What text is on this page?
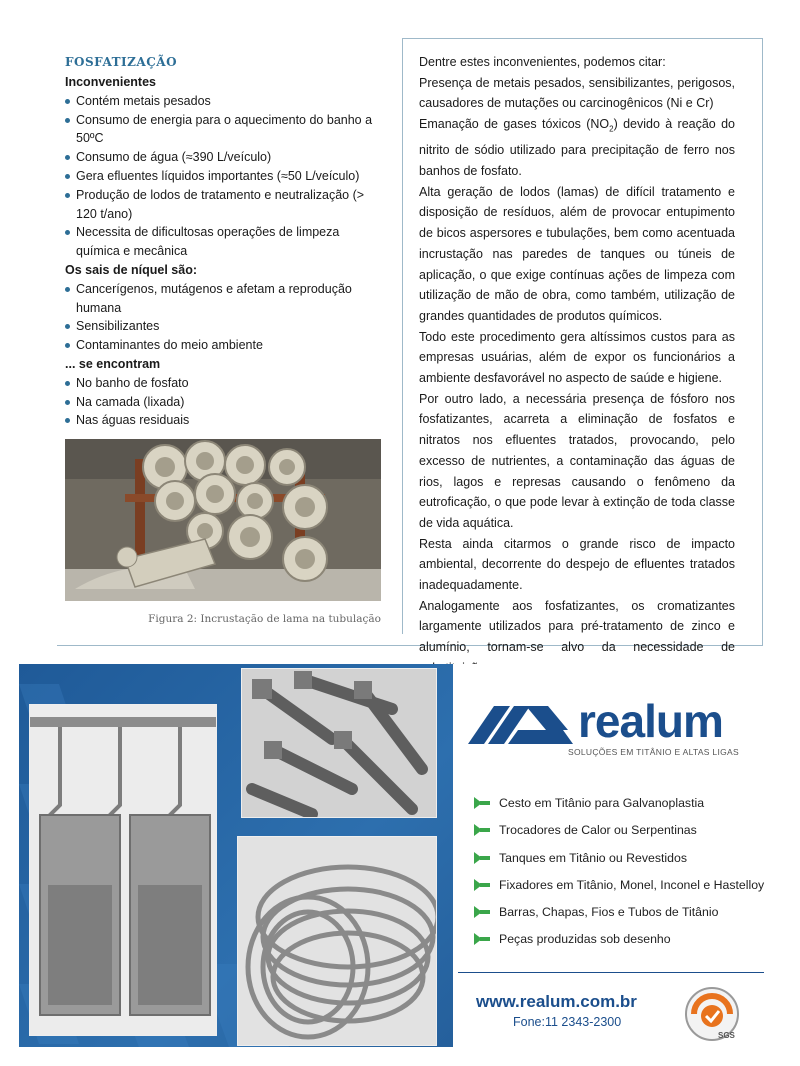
FOSFATIZAÇÃO
Inconvenientes
Contém metais pesados
Consumo de energia para o aquecimento do banho a 50ºC
Consumo de água (≈390 L/veículo)
Gera efluentes líquidos importantes (≈50 L/veículo)
Produção de lodos de tratamento e neutralização (> 120 t/ano)
Necessita de dificultosas operações de limpeza química e mecânica
Os sais de níquel são:
Cancerígenos, mutágenos e afetam a reprodução humana
Sensibilizantes
Contaminantes do meio ambiente
... se encontram
No banho de fosfato
Na camada (lixada)
Nas águas residuais
Figura 2: Incrustação de lama na tubulação

Dentre estes inconvenientes, podemos citar:

Presença de metais pesados, sensibilizantes, perigosos, causadores de mutações ou carcinogênicos (Ni e Cr)

Emanação de gases tóxicos $(NO_2)$ devido à reação do nitrito de sódio utilizado para precipitação de ferro nos banhos de fosfato.

Alta geração de lodos (lamas) de difícil tratamento e disposição de resíduos, além de provocar entupimento de bicos aspersores e tubulações, bem como acentuada incrustação nas paredes de tanques ou túneis de aplicação, o que exige contínuas ações de limpeza com utilização de mão de obra, como também, utilização de grandes quantidades de produtos químicos.

Todo este procedimento gera altíssimos custos para as empresas usuárias, além de expor os funcionários a ambiente desfavorável no aspecto de saúde e higiene.

Por outro lado, a necessária presença de fósforo nos fosfatizantes, acarreta a eliminação de fosfatos e nitratos nos efluentes tratados, provocando, pelo excesso de nutrientes, a contaminação das águas de rios, lagos e represas causando o fenômeno da eutroficação, o que pode levar à extinção de toda classe de vida aquática.

Resta ainda citarmos o grande risco de impacto ambiental, decorrente do despejo de efluentes tratados inadequadamente.

Analogamente aos fosfatizantes, os cromatizantes largamente utilizados para pré-tratamento de zinco e alumínio, tornam-se alvo da necessidade de

realum
SOLUÇÕES EM TITÂNIO E ALTAS LIGAS
Cesto em Titânio para Galvanoplastia
Trocadores de Calor ou Serpentinas
Tanques em Titânio ou Revestidos
Fixadores em Titânio, Monel, Inconel e Hastelloy
Barras, Chapas, Fios e Tubos de Titânio
Peças produzidas sob desenho
www.realum.com.br
Fone:11 2343-2300
SGS
